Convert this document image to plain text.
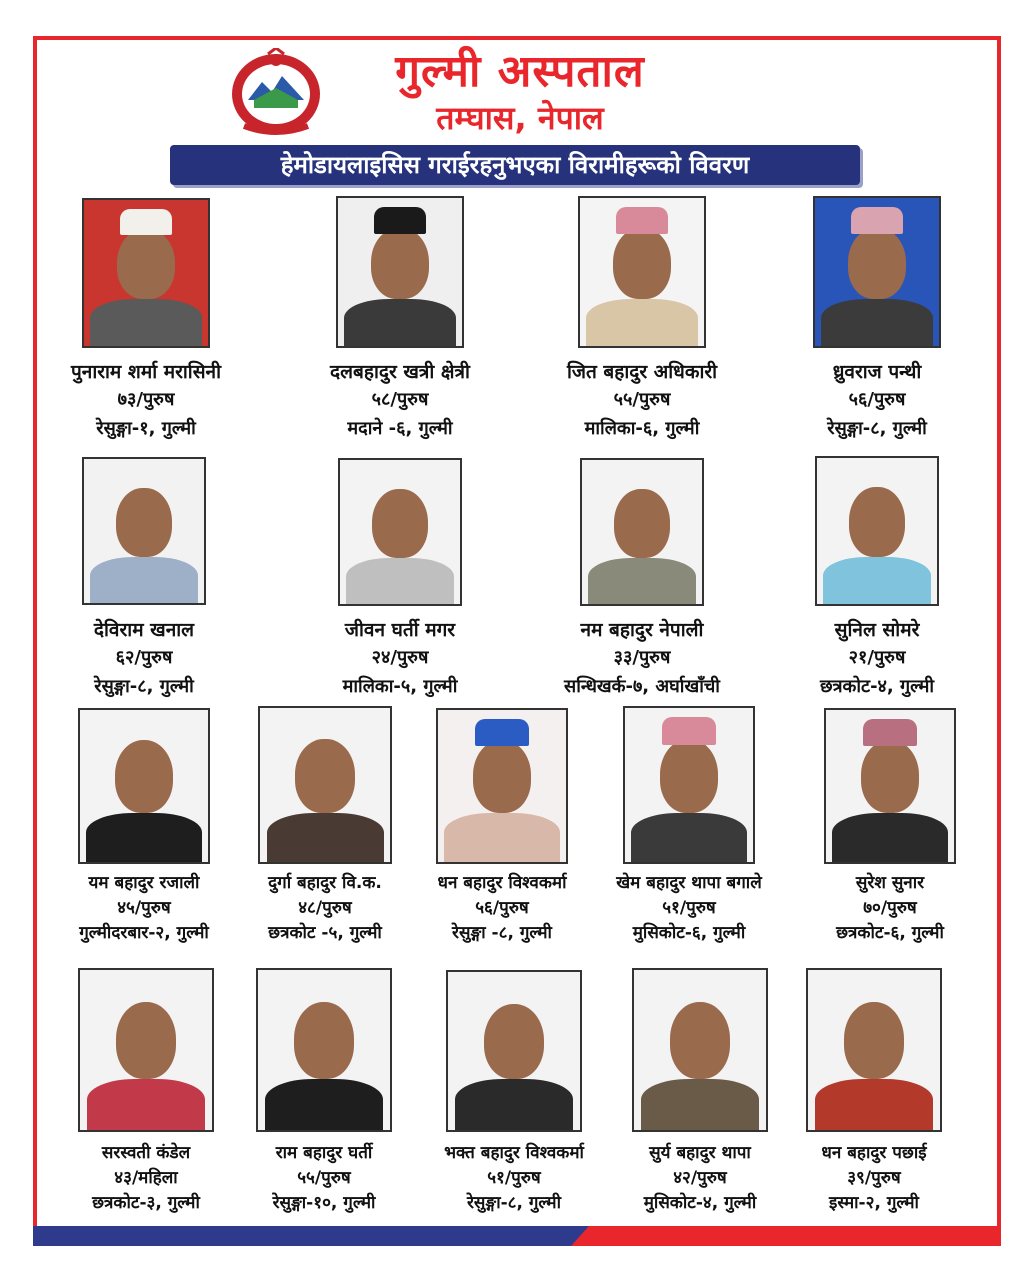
गुल्मी अस्पताल
तम्घास, नेपाल
हेमोडायलाइसिस गराईरहनुभएका विरामीहरूको विवरण
पुनाराम शर्मा मरासिनी
७३/पुरुष
रेसुङ्गा-१, गुल्मी
दलबहादुर खत्री क्षेत्री
५८/पुरुष
मदाने -६, गुल्मी
जित बहादुर अधिकारी
५५/पुरुष
मालिका-६, गुल्मी
ध्रुवराज पन्थी
५६/पुरुष
रेसुङ्गा-८, गुल्मी
देविराम खनाल
६२/पुरुष
रेसुङ्गा-८, गुल्मी
जीवन घर्ती मगर
२४/पुरुष
मालिका-५, गुल्मी
नम बहादुर नेपाली
३३/पुरुष
सन्धिखर्क-७, अर्घाखाँची
सुनिल सोमरे
२१/पुरुष
छत्रकोट-४, गुल्मी
यम बहादुर रजाली
४५/पुरुष
गुल्मीदरबार-२, गुल्मी
दुर्गा बहादुर वि.क.
४८/पुरुष
छत्रकोट -५, गुल्मी
धन बहादुर विश्वकर्मा
५६/पुरुष
रेसुङ्गा -८, गुल्मी
खेम बहादुर थापा बगाले
५१/पुरुष
मुसिकोट-६, गुल्मी
सुरेश सुनार
७०/पुरुष
छत्रकोट-६, गुल्मी
सरस्वती कंडेल
४३/महिला
छत्रकोट-३, गुल्मी
राम बहादुर घर्ती
५५/पुरुष
रेसुङ्गा-१०, गुल्मी
भक्त बहादुर विश्वकर्मा
५१/पुरुष
रेसुङ्गा-८, गुल्मी
सुर्य बहादुर थापा
४२/पुरुष
मुसिकोट-४, गुल्मी
धन बहादुर पछाई
३९/पुरुष
इस्मा-२, गुल्मी
